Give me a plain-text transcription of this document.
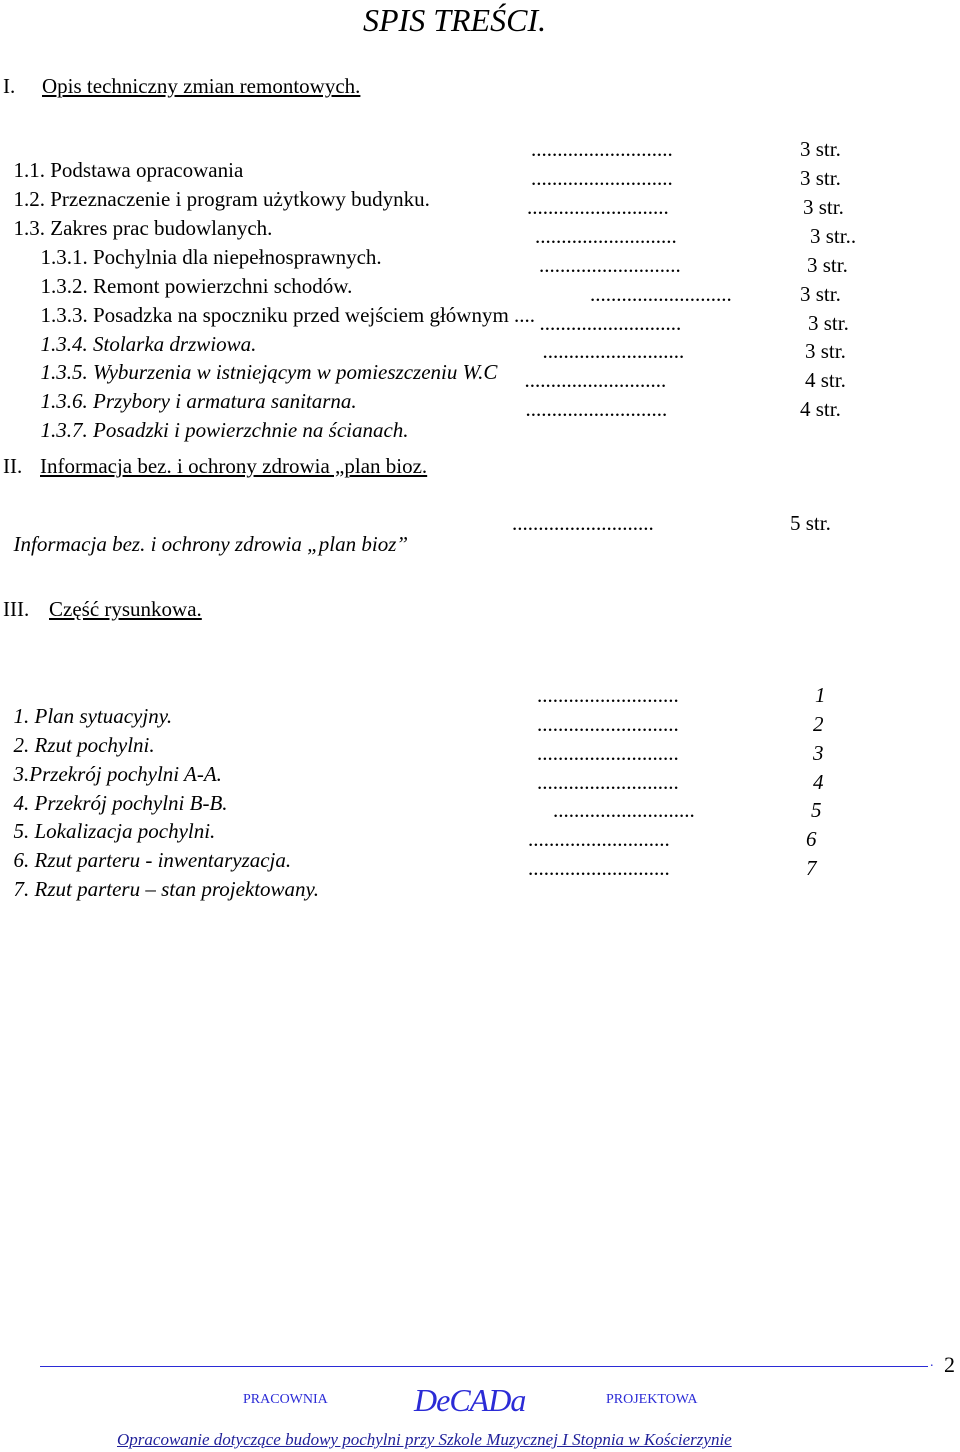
SPIS TREŚCI.
I. Opis techniczny zmian remontowych.

1.1. Podstawa opracowania

...........................	3 str.

1.2. Przeznaczenie i program użytkowy budynku.

...........................	3 str.

1.3. Zakres prac budowlanych.

...........................	3 str.

1.3.1. Pochylnia dla niepełnosprawnych.

...........................	3 str..

1.3.2. Remont powierzchni schodów.

...........................	3 str.

1.3.3. Posadzka na spoczniku przed wejściem głównym ....

...........................	3 str.

1.3.4. Stolarka drzwiowa.

...........................	3 str.

1.3.5. Wyburzenia w istniejącym w pomieszczeniu W.C

...........................	3 str.

1.3.6. Przybory i armatura sanitarna.

...........................	4 str.

1.3.7. Posadzki i powierzchnie na ścianach.

...........................	4 str.
II. Informacja bez. i ochrony zdrowia „plan bioz.

Informacja bez. i ochrony zdrowia „plan bioz”

...........................	5 str.
III. Część rysunkowa.

1. Plan sytuacyjny.

...........................	1

2. Rzut pochylni.

...........................	2

3.Przekrój pochylni A-A.

...........................	3

4. Przekrój pochylni B-B.

...........................	4

5. Lokalizacja pochylni.

...........................	5

6. Rzut parteru - inwentaryzacja.

...........................	6

7. Rzut parteru – stan projektowany.

...........................	7
. 2
PRACOWNIA	DeCADa	PROJEKTOWA
Opracowanie dotyczące budowy pochylni przy Szkole Muzycznej I Stopnia w Kościerzynie
